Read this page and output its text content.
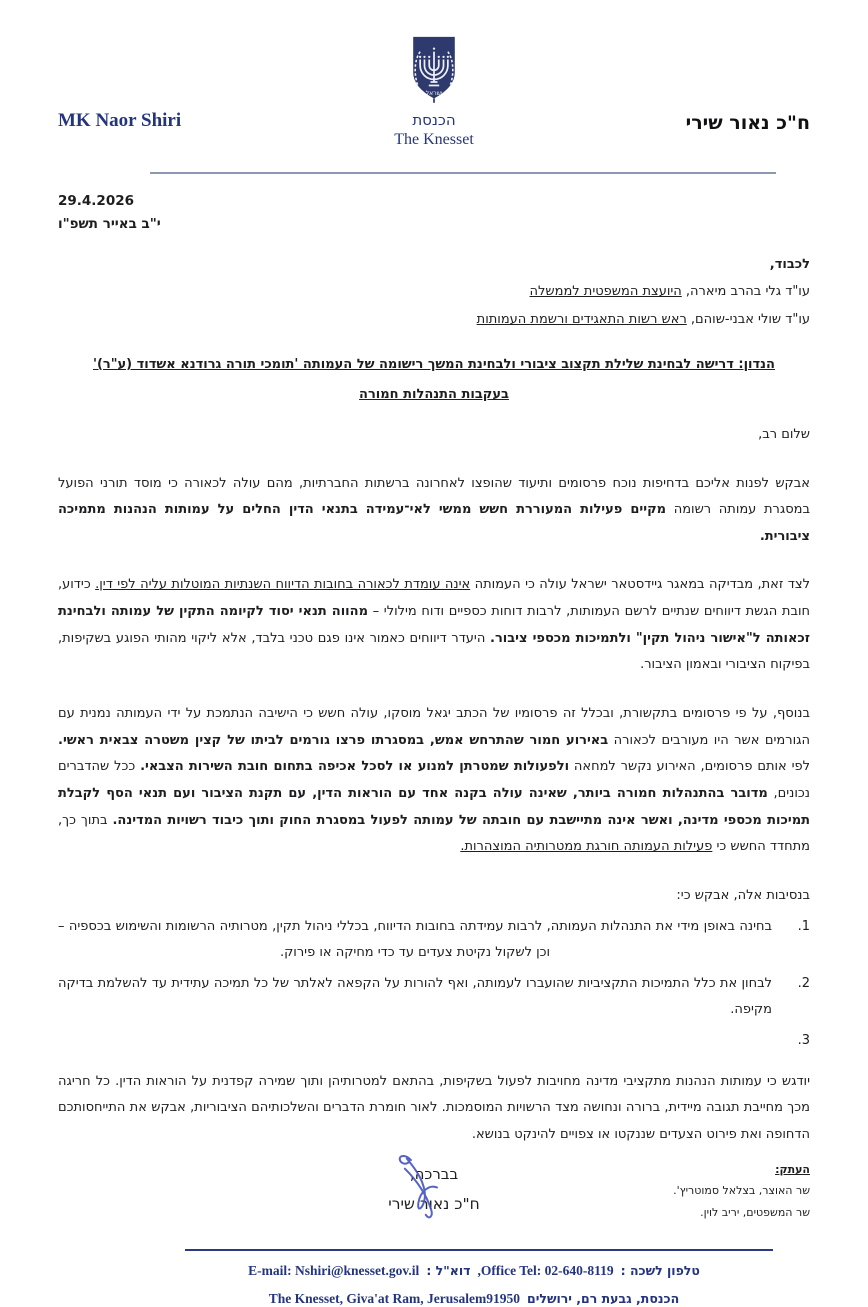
ח"כ נאור שירי
ישראל
הכנסת
The Knesset
MK Naor Shiri
29.4.2026
י"ב באייר תשפ"ו
לכבוד,
עו"ד גלי בהרב מיארה, היועצת המשפטית לממשלה
עו"ד שולי אבני-שוהם, ראש רשות התאגידים ורשמת העמותות
הנדון: דרישה לבחינת שלילת תקצוב ציבורי ולבחינת המשך רישומה של העמותה 'תומכי תורה גרודנא אשדוד (ע"ר)'
בעקבות התנהלות חמורה
שלום רב,
אבקש לפנות אליכם בדחיפות נוכח פרסומים ותיעוד שהופצו לאחרונה ברשתות החברתיות, מהם עולה לכאורה כי מוסד תורני הפועל במסגרת עמותה רשומה מקיים פעילות המעוררת חשש ממשי לאי־עמידה בתנאי הדין החלים על עמותות הנהנות מתמיכה ציבורית.
לצד זאת, מבדיקה במאגר גיידסטאר ישראל עולה כי העמותה אינה עומדת לכאורה בחובות הדיווח השנתיות המוטלות עליה לפי דין. כידוע, חובת הגשת דיווחים שנתיים לרשם העמותות, לרבות דוחות כספיים ודוח מילולי – מהווה תנאי יסוד לקיומה התקין של עמותה ולבחינת זכאותה ל"אישור ניהול תקין" ולתמיכות מכספי ציבור. היעדר דיווחים כאמור אינו פגם טכני בלבד, אלא ליקוי מהותי הפוגע בשקיפות, בפיקוח הציבורי ובאמון הציבור.
בנוסף, על פי פרסומים בתקשורת, ובכלל זה פרסומיו של הכתב יגאל מוסקו, עולה חשש כי הישיבה הנתמכת על ידי העמותה נמנית עם הגורמים אשר היו מעורבים לכאורה באירוע חמור שהתרחש אמש, במסגרתו פרצו גורמים לביתו של קצין משטרה צבאית ראשי. לפי אותם פרסומים, האירוע נקשר למחאה ולפעולות שמטרתן למנוע או לסכל אכיפה בתחום חובת השירות הצבאי. ככל שהדברים נכונים, מדובר בהתנהלות חמורה ביותר, שאינה עולה בקנה אחד עם הוראות הדין, עם תקנת הציבור ועם תנאי הסף לקבלת תמיכות מכספי מדינה, ואשר אינה מתיישבת עם חובתה של עמותה לפעול במסגרת החוק ותוך כיבוד רשויות המדינה. בתוך כך, מתחדד החשש כי פעילות העמותה חורגת ממטרותיה המוצהרות.
בנסיבות אלה, אבקש כי:
1.
בחינה באופן מידי את התנהלות העמותה, לרבות עמידתה בחובות הדיווח, בכללי ניהול תקין, מטרותיה הרשומות והשימוש בכספיה – וכן לשקול נקיטת צעדים עד כדי מחיקה או פירוק.
2.
לבחון את כלל התמיכות התקציביות שהועברו לעמותה, ואף להורות על הקפאה לאלתר של כל תמיכה עתידית עד להשלמת בדיקה מקיפה.
3.
יודגש כי עמותות הנהנות מתקציבי מדינה מחויבות לפעול בשקיפות, בהתאם למטרותיהן ותוך שמירה קפדנית על הוראות הדין. כל חריגה מכך מחייבת תגובה מיידית, ברורה ונחושה מצד הרשויות המוסמכות. לאור חומרת הדברים והשלכותיהם הציבוריות, אבקש את התייחסותכם הדחופה ואת פירוט הצעדים שננקטו או צפויים להינקט בנושא.
העתק:
שר האוצר, בצלאל סמוטריץ'.
שר המשפטים, יריב לוין.
בברכה,
ח"כ נאור שירי
E-mail: Nshiri@knesset.gov.il דוא"ל : ,Office Tel: 02-640-8119 טלפון לשכה :
The Knesset, Giva'at Ram, Jerusalem91950 הכנסת, גבעת רם, ירושלים
